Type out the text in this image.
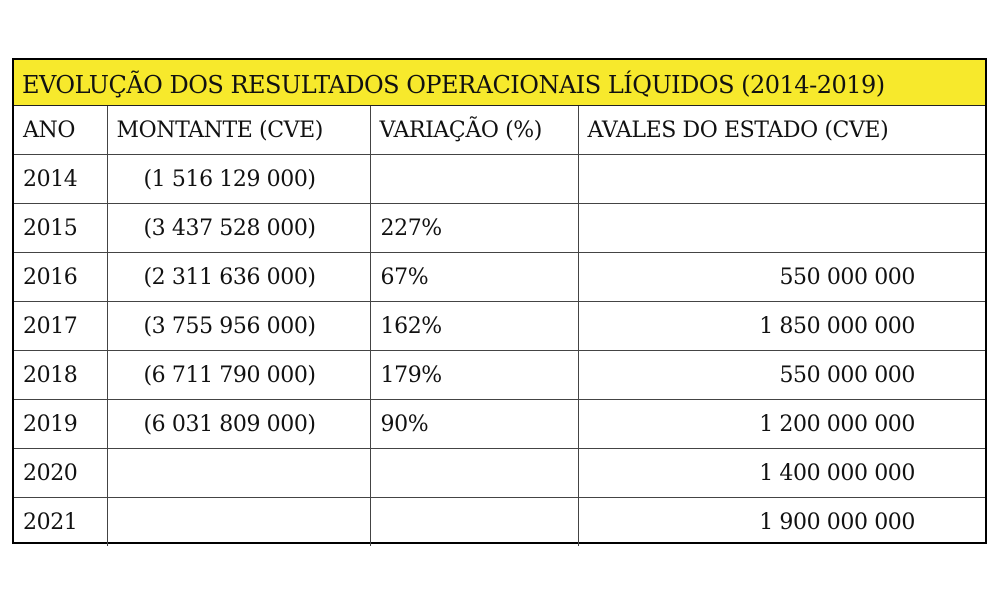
EVOLUÇÃO DOS RESULTADOS OPERACIONAIS LÍQUIDOS (2014-2019)
ANO	MONTANTE (CVE)	VARIAÇÃO (%)	AVALES DO ESTADO (CVE)
2014	(1 516 129 000)		
2015	(3 437 528 000)	227%	
2016	(2 311 636 000)	67%	550 000 000
2017	(3 755 956 000)	162%	1 850 000 000
2018	(6 711 790 000)	179%	550 000 000
2019	(6 031 809 000)	90%	1 200 000 000
2020			1 400 000 000
2021			1 900 000 000
